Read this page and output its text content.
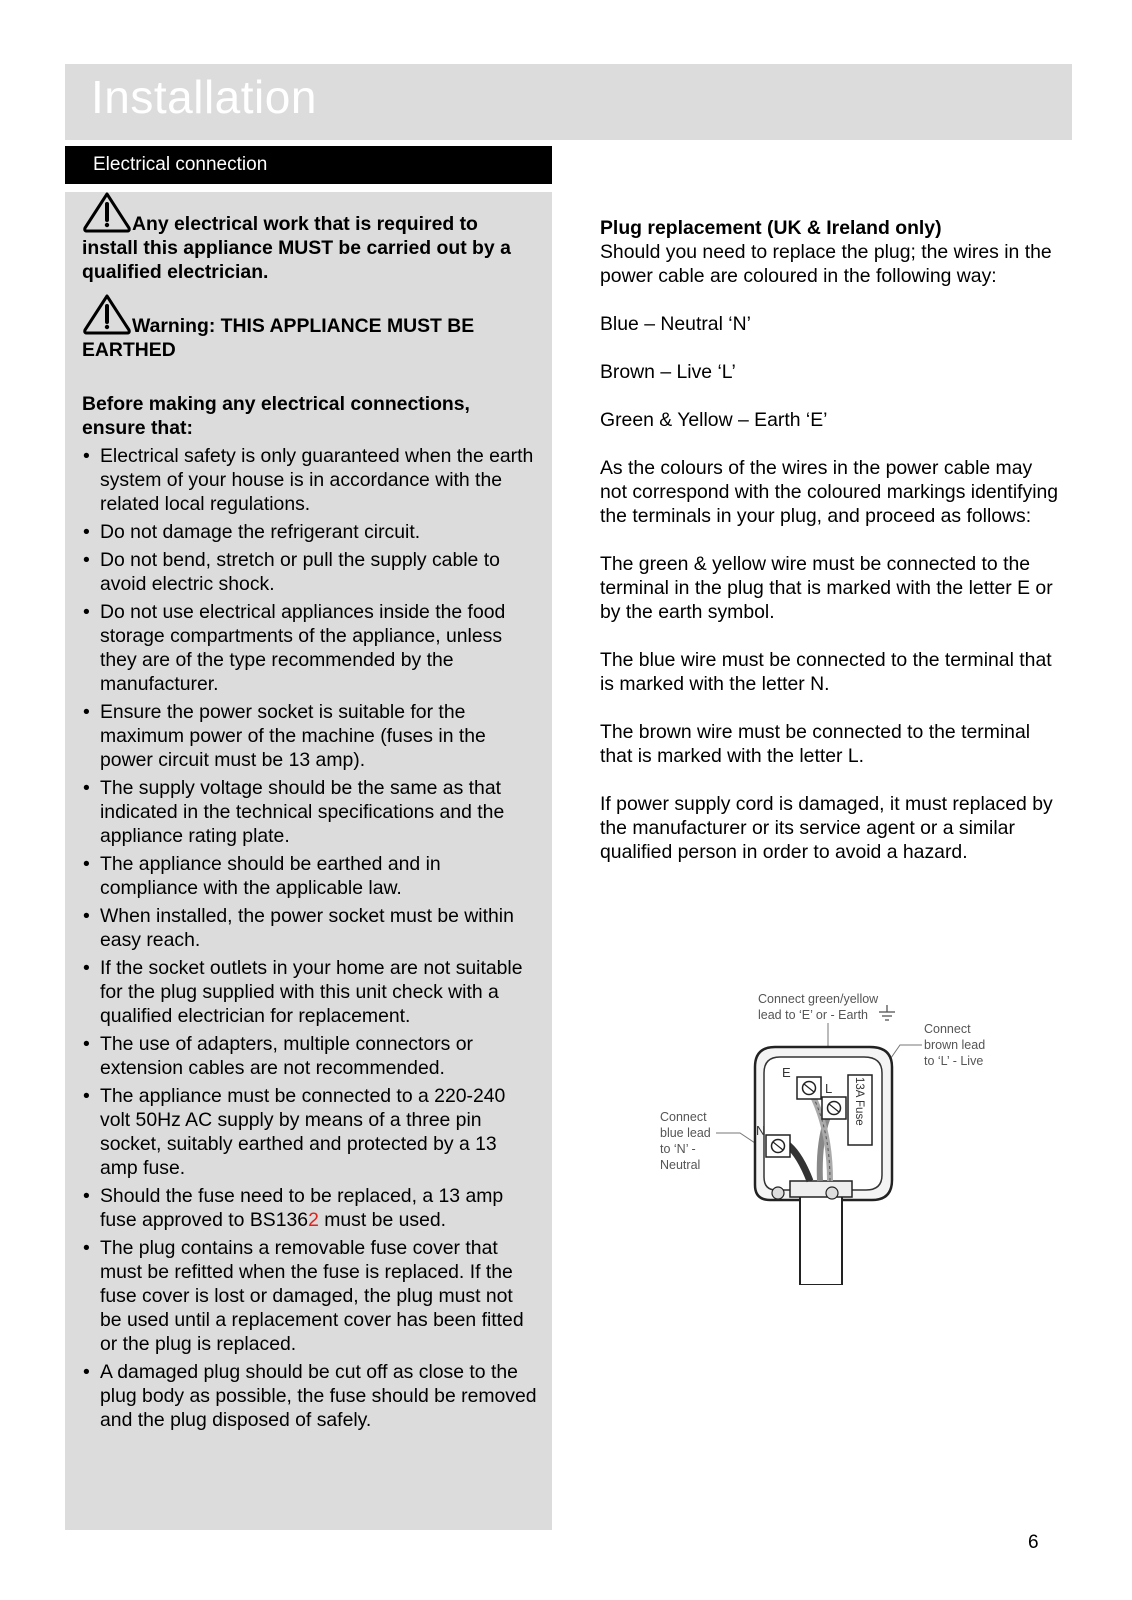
Installation
Electrical connection
Any electrical work that is required to install this appliance MUST be carried out by a qualified electrician.
Warning: THIS APPLIANCE MUST BE EARTHED
Before making any electrical connections, ensure that:
• Electrical safety is only guaranteed when the earth system of your house is in accordance with the related local regulations.
• Do not damage the refrigerant circuit.
• Do not bend, stretch or pull the supply cable to avoid electric shock.
• Do not use electrical appliances inside the food storage compartments of the appliance, unless they are of the type recommended by the manufacturer.
• Ensure the power socket is suitable for the maximum power of the machine (fuses in the power circuit must be 13 amp).
• The supply voltage should be the same as that indicated in the technical specifications and the appliance rating plate.
• The appliance should be earthed and in compliance with the applicable law.
• When installed, the power socket must be within easy reach.
• If the socket outlets in your home are not suitable for the plug supplied with this unit check with a qualified electrician for replacement.
• The use of adapters, multiple connectors or extension cables are not recommended.
• The appliance must be connected to a 220-240 volt 50Hz AC supply by means of a three pin socket, suitably earthed and protected by a 13 amp fuse.
• Should the fuse need to be replaced, a 13 amp fuse approved to BS1362 must be used.
• The plug contains a removable fuse cover that must be refitted when the fuse is replaced. If the fuse cover is lost or damaged, the plug must not be used until a replacement cover has been fitted or the plug is replaced.
• A damaged plug should be cut off as close to the plug body as possible, the fuse should be removed and the plug disposed of safely.
Plug replacement (UK & Ireland only)

Should you need to replace the plug; the wires in the power cable are coloured in the following way:

Blue – Neutral ‘N’

Brown – Live ‘L’

Green & Yellow – Earth ‘E’

As the colours of the wires in the power cable may not correspond with the coloured markings identifying the terminals in your plug, and proceed as follows:

The green & yellow wire must be connected to the terminal in the plug that is marked with the letter E or by the earth symbol.

The blue wire must be connected to the terminal that is marked with the letter N.

The brown wire must be connected to the terminal that is marked with the letter L.

If power supply cord is damaged, it must replaced by the manufacturer or its service agent or a similar qualified person in order to avoid a hazard.

Connect green/yellow
lead to ‘E’ or - Earth
Connect
brown lead
to ‘L’ - Live
Connect
blue lead
to ‘N’ -
Neutral
E
L
N
13A Fuse
6
